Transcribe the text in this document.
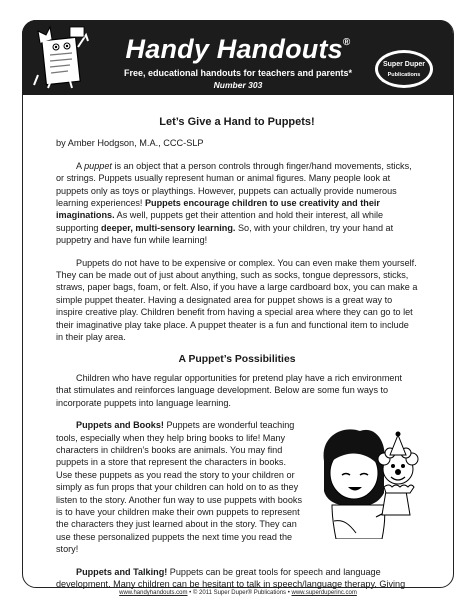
Handy Handouts®
Free, educational handouts for teachers and parents*
Number 303
Super Duper
Publications
Let’s Give a Hand to Puppets!

by Amber Hodgson, M.A., CCC-SLP

A puppet is an object that a person controls through finger/hand movements, sticks, or strings. Puppets usually represent human or animal figures. Many people look at puppets only as toys or playthings. However, puppets can actually provide numerous learning experiences! Puppets encourage children to use creativity and their imaginations. As well, puppets get their attention and hold their interest, all while supporting deeper, multi-sensory learning. So, with your children, try your hand at puppetry and have fun while learning!

Puppets do not have to be expensive or complex. You can even make them yourself. They can be made out of just about anything, such as socks, tongue depressors, sticks, straws, paper bags, foam, or felt. Also, if you have a large cardboard box, you can make a simple puppet theater. Having a designated area for puppet shows is a great way to inspire creative play. Children benefit from having a special area where they can go to let their imaginative play take place. A puppet theater is a fun and functional item to include in their play area.

A Puppet’s Possibilities

Children who have regular opportunities for pretend play have a rich environment that stimulates and reinforces language development. Below are some fun ways to incorporate puppets into language learning.

Puppets and Books! Puppets are wonderful teaching tools, especially when they help bring books to life! Many characters in children’s books are animals. You may find puppets in a store that represent the characters in books. Use these puppets as you read the story to your children or simply as fun props that your children can hold on to as they listen to the story. Another fun way to use puppets with books is to have your children make their own puppets to represent the characters they just learned about in the story. They can use these personalized puppets the next time you read the story!

Puppets and Talking! Puppets can be great tools for speech and language development. Many children can be hesitant to talk in speech/language therapy. Giving

www.handyhandouts.com • © 2011 Super Duper® Publications • www.superduperinc.com
